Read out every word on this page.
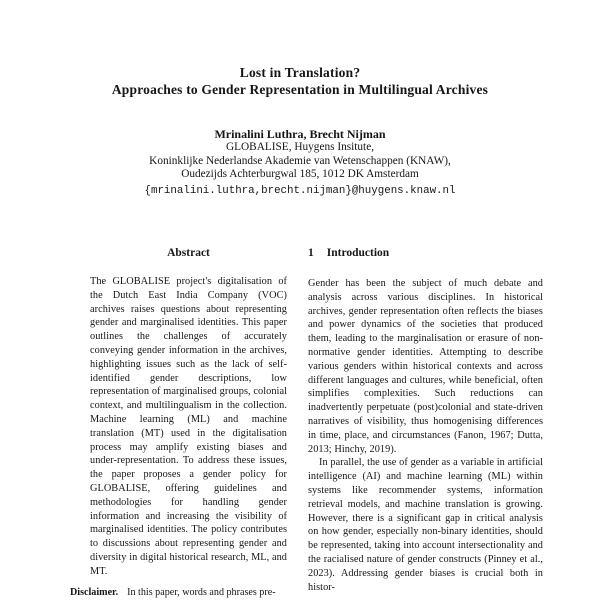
Lost in Translation?
Approaches to Gender Representation in Multilingual Archives
Mrinalini Luthra, Brecht Nijman
GLOBALISE, Huygens Insitute,
Koninklijke Nederlandse Akademie van Wetenschappen (KNAW),
Oudezijds Achterburgwal 185, 1012 DK Amsterdam
{mrinalini.luthra,brecht.nijman}@huygens.knaw.nl
Abstract
The GLOBALISE project's digitalisation of the Dutch East India Company (VOC) archives raises questions about representing gender and marginalised identities. This paper outlines the challenges of accurately conveying gender information in the archives, highlighting issues such as the lack of self-identified gender descriptions, low representation of marginalised groups, colonial context, and multilingualism in the collection. Machine learning (ML) and machine translation (MT) used in the digitalisation process may amplify existing biases and under-representation. To address these issues, the paper proposes a gender policy for GLOBALISE, offering guidelines and methodologies for handling gender information and increasing the visibility of marginalised identities. The policy contributes to discussions about representing gender and diversity in digital historical research, ML, and MT.

Disclaimer. In this paper, words and phrases pre-

1 Introduction

Gender has been the subject of much debate and analysis across various disciplines. In historical archives, gender representation often reflects the biases and power dynamics of the societies that produced them, leading to the marginalisation or erasure of non-normative gender identities. Attempting to describe various genders within historical contexts and across different languages and cultures, while beneficial, often simplifies complexities. Such reductions can inadvertently perpetuate (post)colonial and state-driven narratives of visibility, thus homogenising differences in time, place, and circumstances (Fanon, 1967; Dutta, 2013; Hinchy, 2019).

In parallel, the use of gender as a variable in artificial intelligence (AI) and machine learning (ML) within systems like recommender systems, information retrieval models, and machine translation is growing. However, there is a significant gap in critical analysis on how gender, especially non-binary identities, should be represented, taking into account intersectionality and the racialised nature of gender constructs (Pinney et al., 2023). Addressing gender biases is crucial both in histor-
